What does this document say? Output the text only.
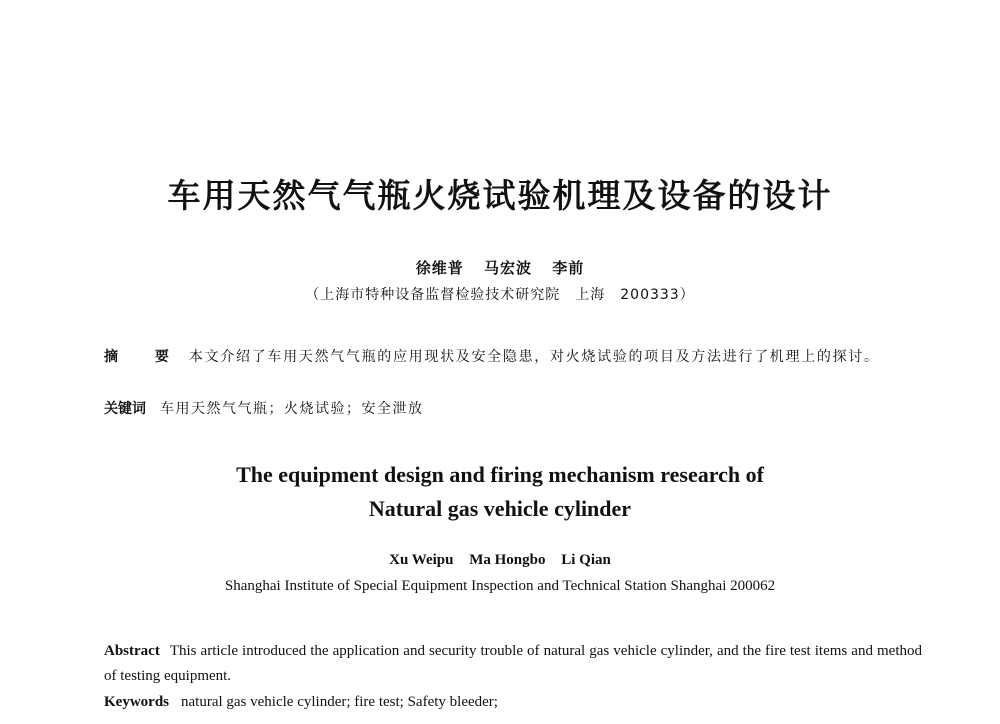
车用天然气气瓶火烧试验机理及设备的设计
徐维普 马宏波 李前
（上海市特种设备监督检验技术研究院　上海　200333）
摘 要 本文介绍了车用天然气气瓶的应用现状及安全隐患，对火烧试验的项目及方法进行了机理上的探讨。
关键词 车用天然气气瓶；火烧试验；安全泄放
The equipment design and firing mechanism research of
Natural gas vehicle cylinder
Xu Weipu Ma Hongbo Li Qian
Shanghai Institute of Special Equipment Inspection and Technical Station Shanghai 200062
Abstract This article introduced the application and security trouble of natural gas vehicle cylinder, and the fire test items and method of testing equipment.
Keywords natural gas vehicle cylinder; fire test; Safety bleeder;
